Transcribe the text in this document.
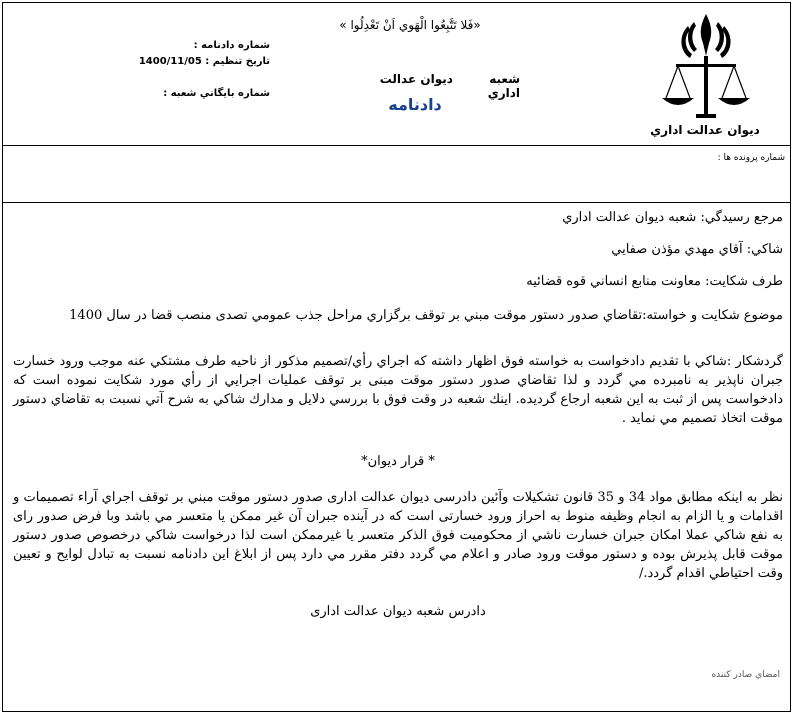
ديوان عدالت اداري
«فَلا تَتَّبِعُوا الْهَوي اَنْ تَعْدِلُوا »
شعبه  ديوان عدالت اداري
دادنامه
شماره دادنامه :
تاريخ تنظيم : 1400/11/05
شماره بايگاني شعبه :
شماره پرونده ها :
مرجع رسيدگي: شعبه ديوان عدالت اداري
شاكي: آقاي مهدي مؤذن صفايي
طرف شكايت: معاونت منابع انساني قوه قضائيه
موضوع شكايت و خواسته:تقاضاي صدور دستور موقت مبني بر توقف برگزاري مراحل جذب عمومي تصدی منصب قضا در سال 1400
گردشكار :شاكي با تقديم دادخواست به خواسته فوق اظهار داشته كه اجراي رأي/تصميم مذكور از ناحيه طرف مشتكي عنه موجب ورود خسارت جبران ناپذير به نامبرده مي گردد و لذا تقاضاي صدور دستور موقت مبنی بر توقف عمليات اجرايي از رأي مورد شكايت نموده است كه دادخواست پس از ثبت به اين شعبه ارجاع گرديده. اينك شعبه در وقت فوق با بررسي دلايل و مدارك شاكي به شرح آتي نسبت به تقاضاي دستور موقت اتخاذ تصميم مي نمايد .
* قرار ديوان*
نظر به اينكه مطابق مواد 34 و 35 قانون تشكيلات وآئين دادرسی ديوان عدالت اداری صدور دستور موقت مبني بر توقف اجراي آراء تصميمات و اقدامات و يا الزام به انجام وظيفه منوط به احراز ورود خسارتی است كه در آينده جبران آن غير ممكن يا متعسر مي باشد وبا فرض صدور رای به نفع شاكي عملا امكان جبران خسارت ناشي از محكوميت فوق الذكر متعسر يا غيرممكن است لذا درخواست شاكي درخصوص صدور دستور موقت قابل پذيرش بوده و دستور موقت ورود صادر و اعلام مي گردد دفتر مقرر مي دارد پس از ابلاغ اين دادنامه نسبت به تبادل لوايح و تعيين وقت احتياطي اقدام گردد./
دادرس شعبه ديوان عدالت اداری
امضاي صادر كننده
